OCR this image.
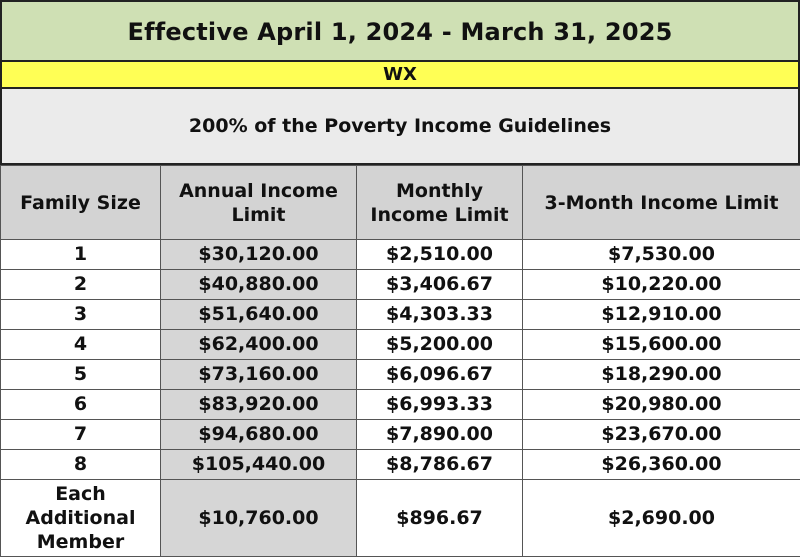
Effective April 1, 2024 - March 31, 2025
WX
200% of the Poverty Income Guidelines
Family Size	Annual Income Limit	Monthly Income Limit	3-Month Income Limit
1	$30,120.00	$2,510.00	$7,530.00
2	$40,880.00	$3,406.67	$10,220.00
3	$51,640.00	$4,303.33	$12,910.00
4	$62,400.00	$5,200.00	$15,600.00
5	$73,160.00	$6,096.67	$18,290.00
6	$83,920.00	$6,993.33	$20,980.00
7	$94,680.00	$7,890.00	$23,670.00
8	$105,440.00	$8,786.67	$26,360.00

Each Additional Member	$10,760.00	$896.67	$2,690.00
